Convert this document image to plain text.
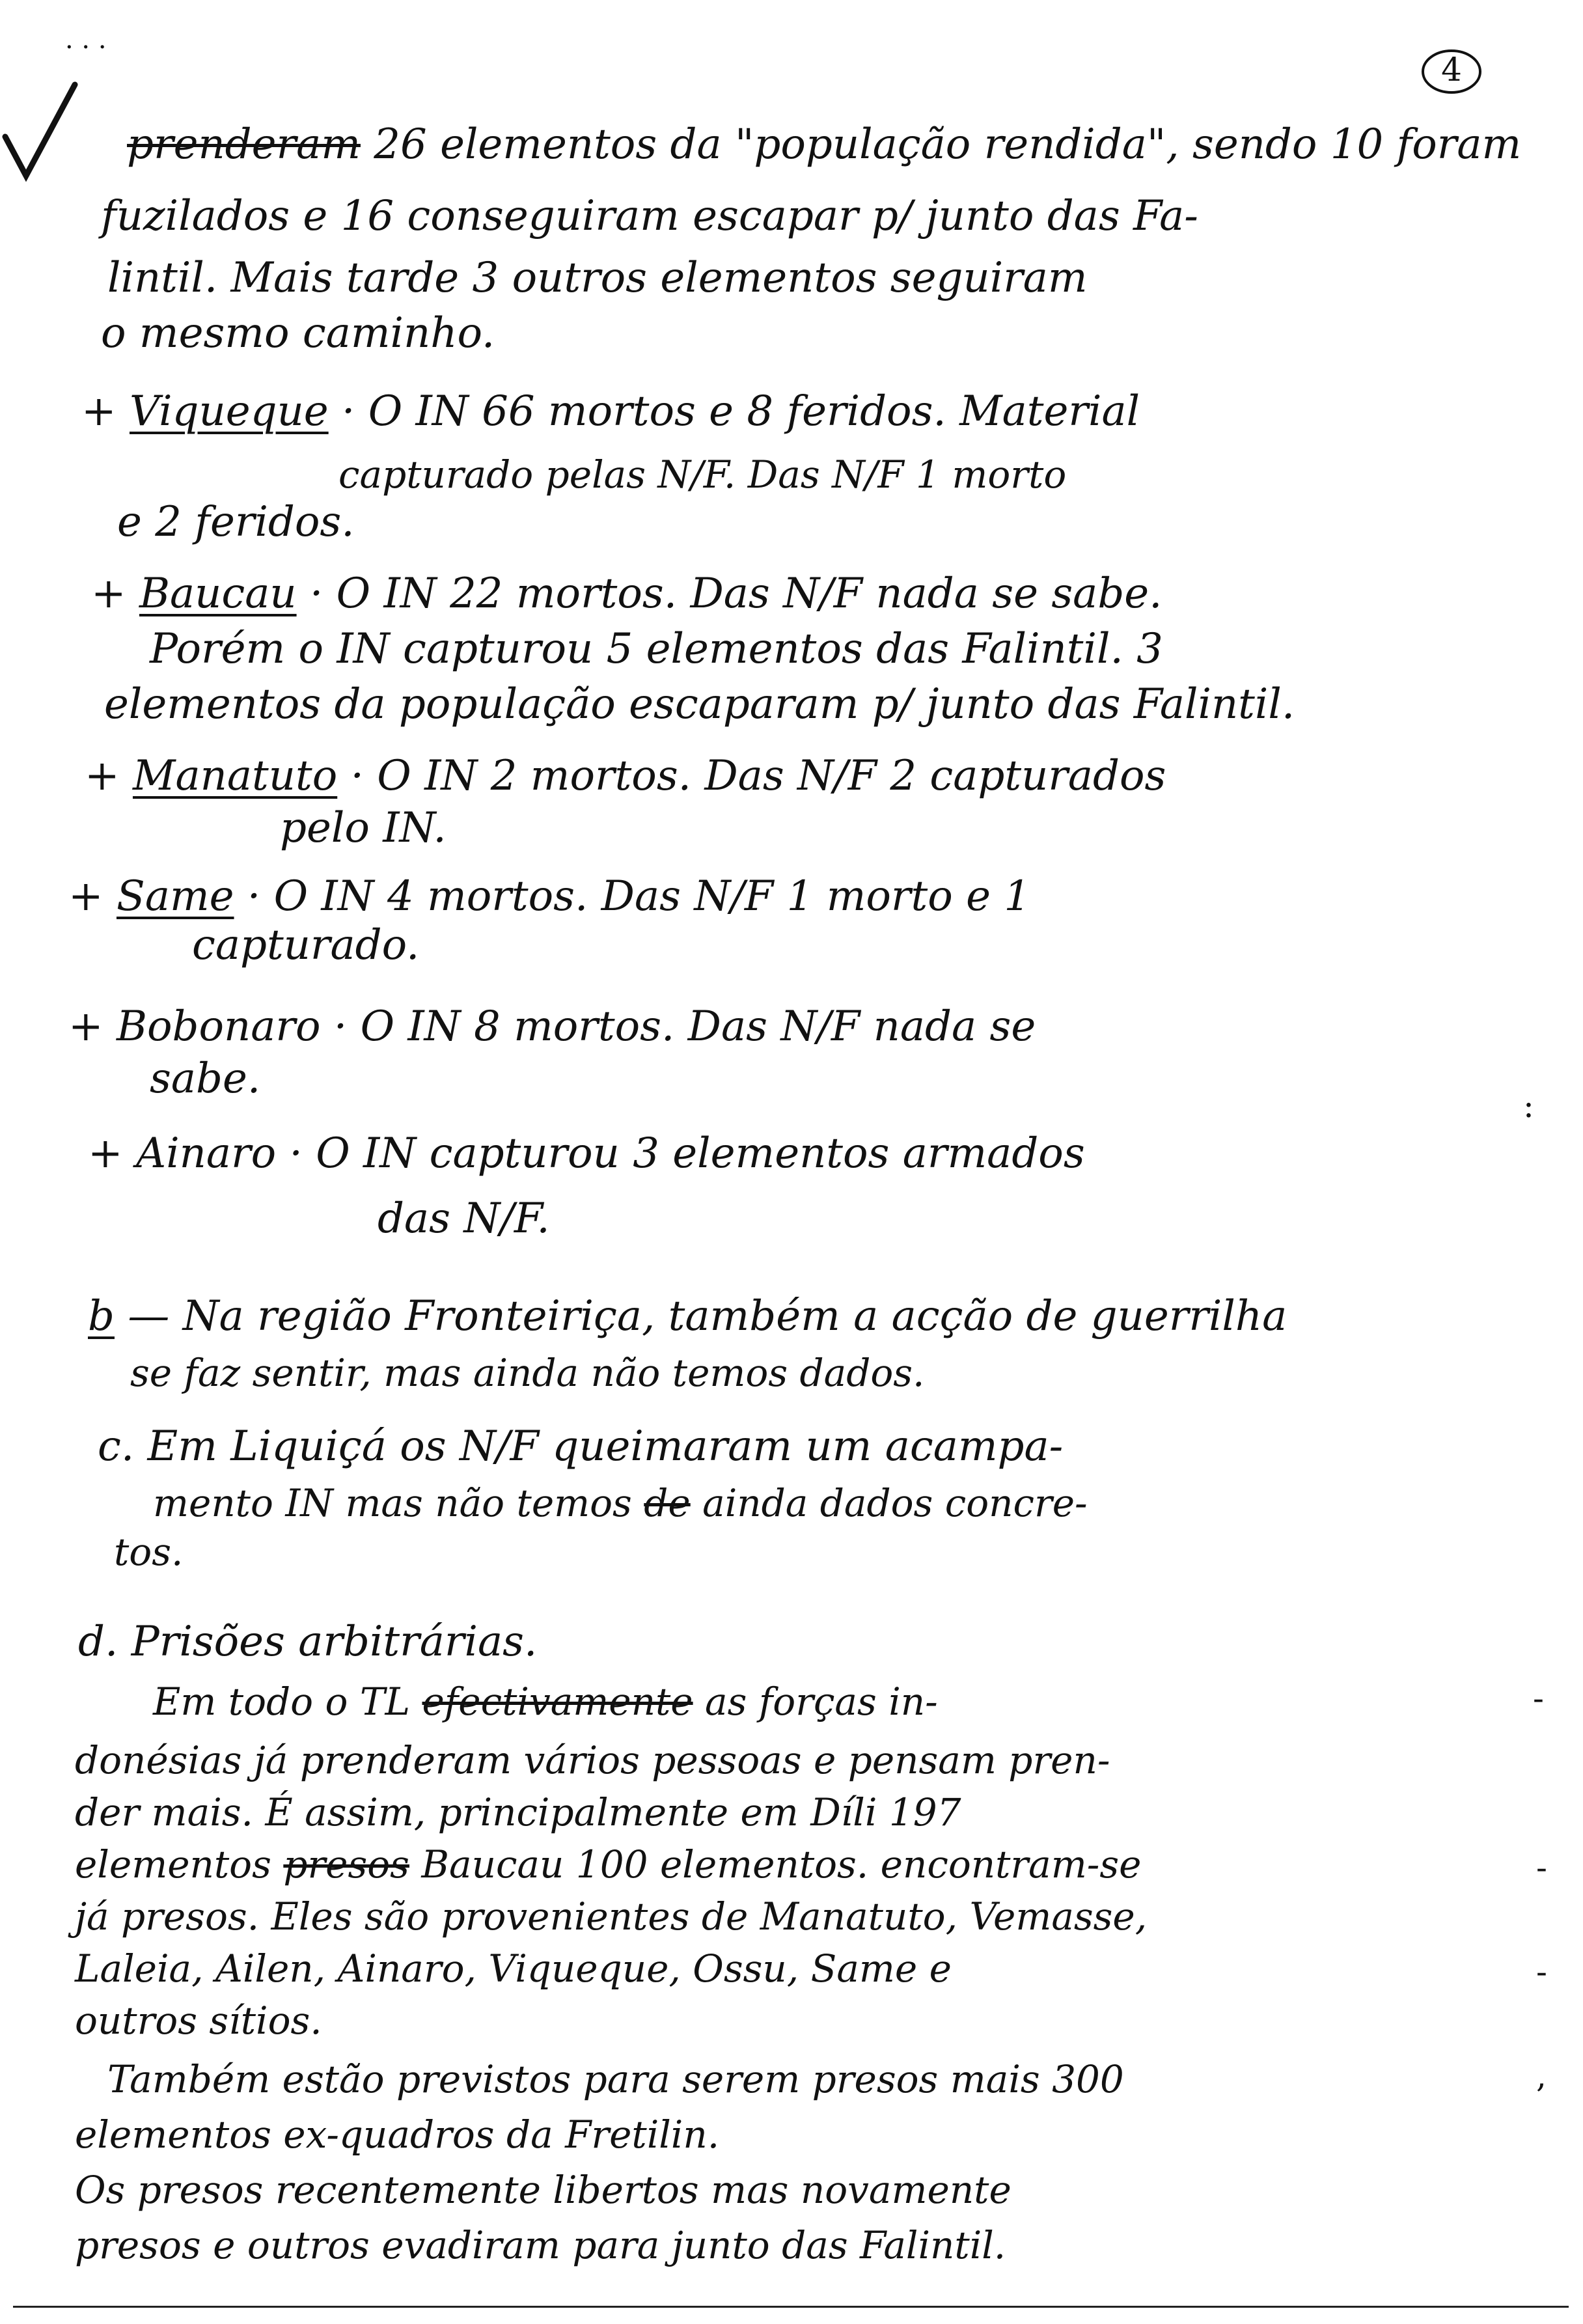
· · ·
4
prenderam 26 elementos da "população rendida", sendo 10 foram
fuzilados e 16 conseguiram escapar p/ junto das Fa-
lintil. Mais tarde 3 outros elementos seguiram
o mesmo caminho.
+ Viqueque · O IN 66 mortos e 8 feridos. Material
capturado pelas N/F. Das N/F 1 morto
e 2 feridos.
+ Baucau · O IN 22 mortos. Das N/F nada se sabe.
Porém o IN capturou 5 elementos das Falintil. 3
elementos da população escaparam p/ junto das Falintil.
+ Manatuto · O IN 2 mortos. Das N/F 2 capturados
pelo IN.
+ Same · O IN 4 mortos. Das N/F 1 morto e 1
capturado.
+ Bobonaro · O IN 8 mortos. Das N/F nada se
sabe.
+ Ainaro · O IN capturou 3 elementos armados
das N/F.
b — Na região Fronteiriça, também a acção de guerrilha
se faz sentir, mas ainda não temos dados.
c. Em Liquiçá os N/F queimaram um acampa-
mento IN mas não temos de ainda dados concre-
tos.
d. Prisões arbitrárias.
Em todo o TL efectivamente as forças in-
donésias já prenderam vários pessoas e pensam pren-
der mais. É assim, principalmente em Díli 197
elementos presos Baucau 100 elementos. encontram-se
já presos. Eles são provenientes de Manatuto, Vemasse,
Laleia, Ailen, Ainaro, Viqueque, Ossu, Same e
outros sítios.
Também estão previstos para serem presos mais 300
elementos ex-quadros da Fretilin.
Os presos recentemente libertos mas novamente
presos e outros evadiram para junto das Falintil.
:
-
-
-
,
